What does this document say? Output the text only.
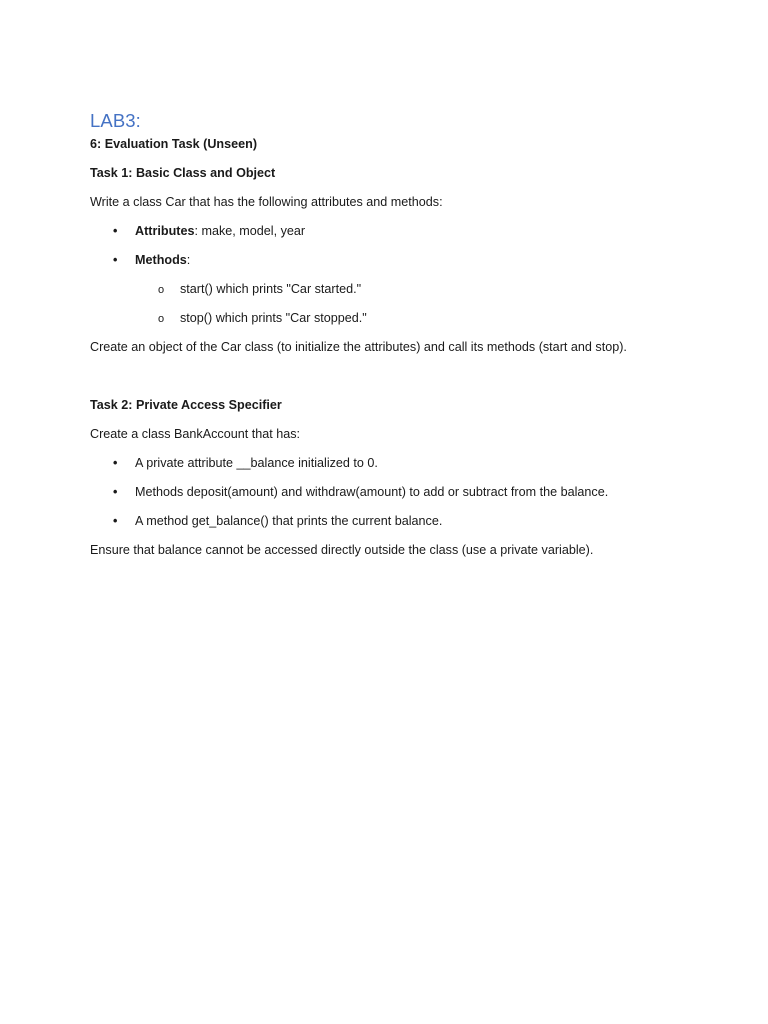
LAB3:
6: Evaluation Task (Unseen)
Task 1: Basic Class and Object
Write a class Car that has the following attributes and methods:
• Attributes: make, model, year
• Methods:
o start() which prints "Car started."
o stop() which prints "Car stopped."
Create an object of the Car class (to initialize the attributes) and call its methods (start and stop).
Task 2: Private Access Specifier
Create a class BankAccount that has:
• A private attribute __balance initialized to 0.
• Methods deposit(amount) and withdraw(amount) to add or subtract from the balance.
• A method get_balance() that prints the current balance.
Ensure that balance cannot be accessed directly outside the class (use a private variable).
